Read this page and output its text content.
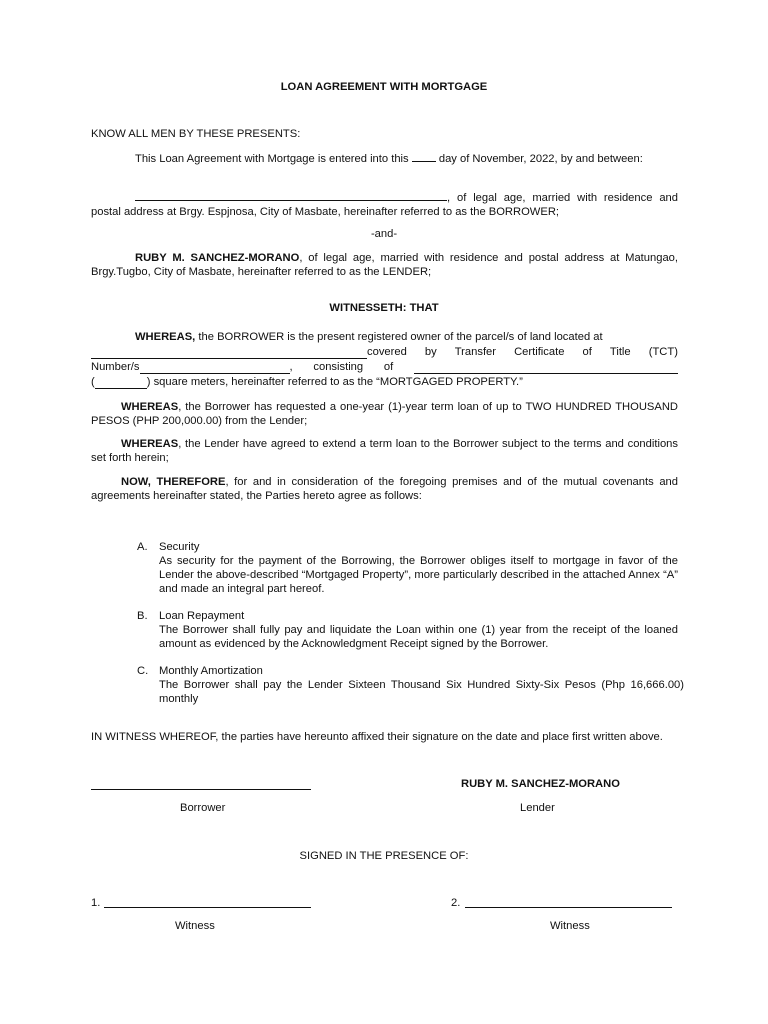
LOAN AGREEMENT WITH MORTGAGE
KNOW ALL MEN BY THESE PRESENTS:
This Loan Agreement with Mortgage is entered into this	day of November, 2022, by and between:
, of legal age, married with residence and postal address at Brgy. Espjnosa, City of Masbate, hereinafter referred to as the BORROWER;
-and-
RUBY M. SANCHEZ-MORANO, of legal age, married with residence and postal address at Matungao, Brgy.Tugbo, City of Masbate, hereinafter referred to as the LENDER;
WITNESSETH: THAT
WHEREAS, the BORROWER is the present registered owner of the parcel/s of land located at
covered by Transfer Certificate of Title (TCT)
Number/s	, consisting of
(	) square meters, hereinafter referred to as the “MORTGAGED PROPERTY.”
WHEREAS, the Borrower has requested a one-year (1)-year term loan of up to TWO HUNDRED THOUSAND PESOS (PHP 200,000.00) from the Lender;
WHEREAS, the Lender have agreed to extend a term loan to the Borrower subject to the terms and conditions set forth herein;
NOW, THEREFORE, for and in consideration of the foregoing premises and of the mutual covenants and agreements hereinafter stated, the Parties hereto agree as follows:
A. Security
As security for the payment of the Borrowing, the Borrower obliges itself to mortgage in favor of the Lender the above-described “Mortgaged Property”, more particularly described in the attached Annex “A” and made an integral part hereof.
B. Loan Repayment
The Borrower shall fully pay and liquidate the Loan within one (1) year from the receipt of the loaned amount as evidenced by the Acknowledgment Receipt signed by the Borrower.
C. Monthly Amortization
The Borrower shall pay the Lender Sixteen Thousand Six Hundred Sixty-Six Pesos (Php 16,666.00) monthly
IN WITNESS WHEREOF, the parties have hereunto affixed their signature on the date and place first written above.
RUBY M. SANCHEZ-MORANO
Borrower	Lender
SIGNED IN THE PRESENCE OF:
1.	2.
Witness	Witness
